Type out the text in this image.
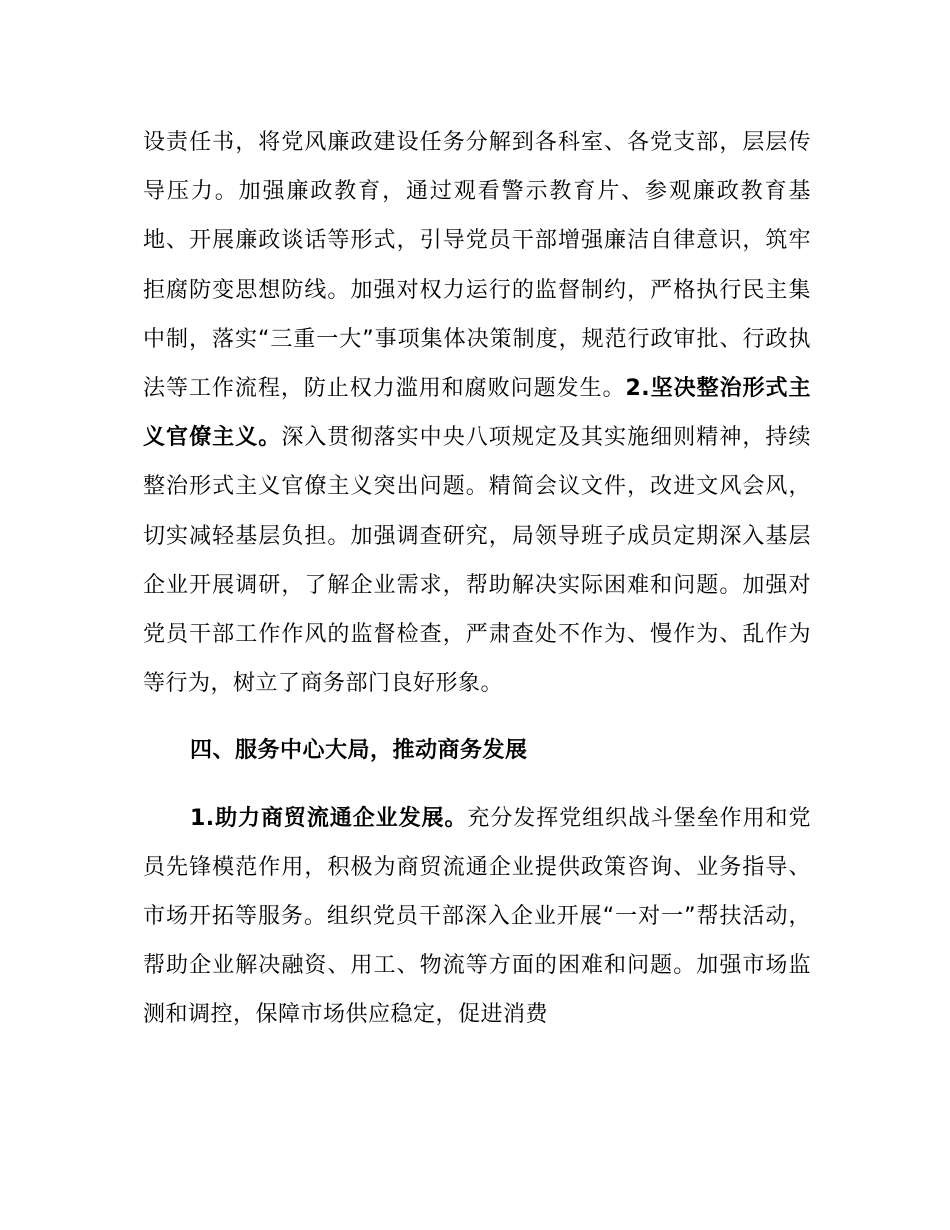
设责任书，将党风廉政建设任务分解到各科室、各党支部，层层传导压力。加强廉政教育，通过观看警示教育片、参观廉政教育基地、开展廉政谈话等形式，引导党员干部增强廉洁自律意识，筑牢拒腐防变思想防线。加强对权力运行的监督制约，严格执行民主集中制，落实“三重一大”事项集体决策制度，规范行政审批、行政执法等工作流程，防止权力滥用和腐败问题发生。2.坚决整治形式主义官僚主义。深入贯彻落实中央八项规定及其实施细则精神，持续整治形式主义官僚主义突出问题。精简会议文件，改进文风会风，切实减轻基层负担。加强调查研究，局领导班子成员定期深入基层企业开展调研，了解企业需求，帮助解决实际困难和问题。加强对党员干部工作作风的监督检查，严肃查处不作为、慢作为、乱作为等行为，树立了商务部门良好形象。

四、服务中心大局，推动商务发展

1.助力商贸流通企业发展。充分发挥党组织战斗堡垒作用和党员先锋模范作用，积极为商贸流通企业提供政策咨询、业务指导、市场开拓等服务。组织党员干部深入企业开展“一对一”帮扶活动，帮助企业解决融资、用工、物流等方面的困难和问题。加强市场监测和调控，保障市场供应稳定，促进消费
